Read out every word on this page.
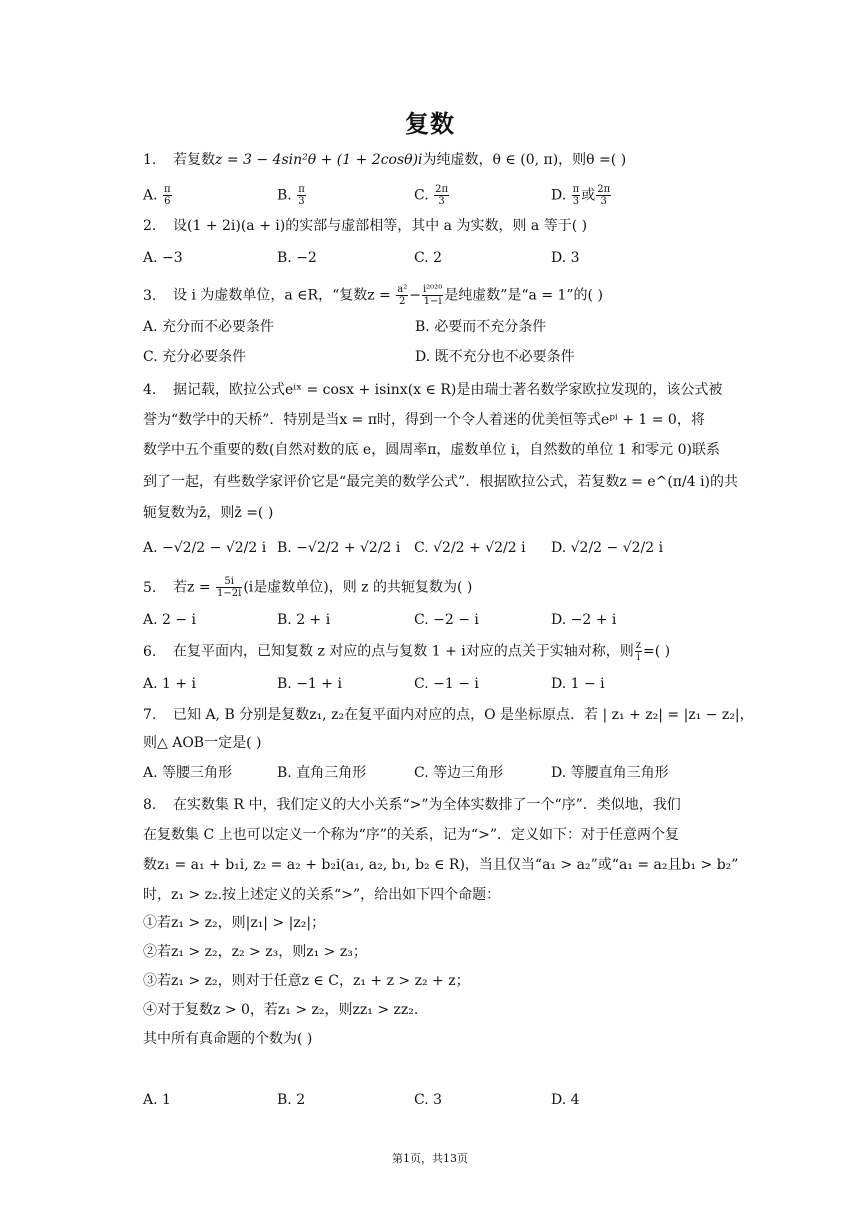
复数
1. 若复数z = 3 − 4sin²θ + (1 + 2cosθ)i为纯虚数，θ ∈ (0, π)，则θ =( )
A. $\frac{\pi}{6}$	B. $\frac{\pi}{3}$	C. $\frac{2\pi}{3}$	D. $\frac{\pi}{3}$ 或 $\frac{2\pi}{3}$
2. 设(1 + 2i)(a + i)的实部与虚部相等，其中 a 为实数，则 a 等于( )
A. −3	B. −2	C. 2	D. 3
3. 设 i 为虚数单位，a ∈R，“复数$z = \frac{\text{a²}}{2} - \frac{\text{i²⁰²⁰}}{1-i}$ 是纯虚数”是“a = 1”的( )
A. 充分而不必要条件	B. 必要而不充分条件
C. 充分必要条件	D. 既不充分也不必要条件
4. 据记载，欧拉公式eⁱˣ = cosx + isinx(x ∈ R)是由瑞士著名数学家欧拉发现的，该公式被
誉为“数学中的天桥”．特别是当x = π时，得到一个令人着迷的优美恒等式eᵖⁱ + 1 = 0，将
数学中五个重要的数(自然对数的底 e，圆周率π，虚数单位 i，自然数的单位 1 和零元 0)联系
到了一起，有些数学家评价它是“最完美的数学公式”．根据欧拉公式，若复数z = e^(π/4 i)的共
轭复数为z̄，则z̄ =( )
A. −√2/2 − √2/2 i B. −√2/2 + √2/2 i C. √2/2 + √2/2 i D. √2/2 − √2/2 i
5. 若$z = \frac{5i}{1-2i} (i$是虚数单位)，则 z 的共轭复数为( )
A. 2 − i	B. 2 + i	C. −2 − i	D. −2 + i
6. 在复平面内，已知复数 z 对应的点与复数 1 + i对应的点关于实轴对称，则 $\frac{z}{i}$ =( )
A. 1 + i	B. −1 + i	C. −1 − i	D. 1 − i
7. 已知 A, B 分别是复数z₁, z₂在复平面内对应的点，O 是坐标原点．若 | z₁ + z₂| = |z₁ − z₂|，
则△ AOB一定是( )
A. 等腰三角形	B. 直角三角形	C. 等边三角形	D. 等腰直角三角形
8. 在实数集 R 中，我们定义的大小关系“>”为全体实数排了一个“序”．类似地，我们
在复数集 C 上也可以定义一个称为“序”的关系，记为“>”．定义如下：对于任意两个复
数z₁ = a₁ + b₁i, z₂ = a₂ + b₂i(a₁, a₂, b₁, b₂ ∈ R)，当且仅当“a₁ > a₂”或“a₁ = a₂且b₁ > b₂”
时，z₁ > z₂.按上述定义的关系“>”，给出如下四个命题：
①若z₁ > z₂，则|z₁| > |z₂|；
②若z₁ > z₂，z₂ > z₃，则z₁ > z₃；
③若z₁ > z₂，则对于任意z ∈ C，z₁ + z > z₂ + z；
④对于复数z > 0，若z₁ > z₂，则zz₁ > zz₂.
其中所有真命题的个数为( )
A. 1	B. 2	C. 3	D. 4
第1页，共13页
